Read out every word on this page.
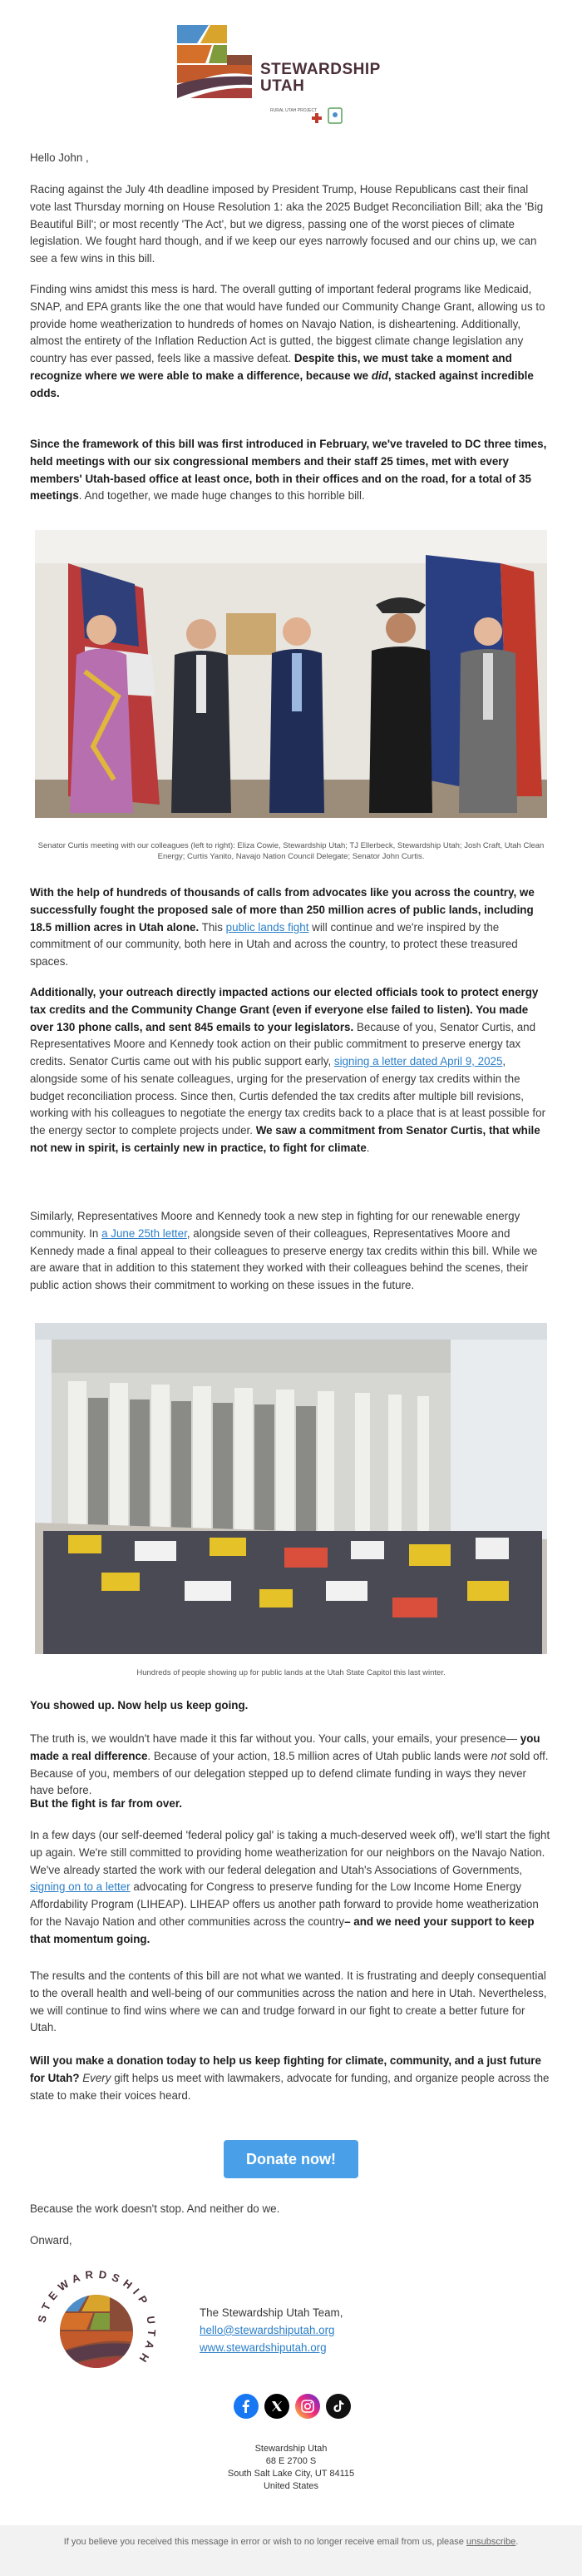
STEWARDSHIP
UTAH
RURAL UTAH PROJECT

Hello John ,

Racing against the July 4th deadline imposed by President Trump, House Republicans cast their final vote last Thursday morning on House Resolution 1: aka the 2025 Budget Reconciliation Bill; aka the 'Big Beautiful Bill'; or most recently 'The Act', but we digress, passing one of the worst pieces of climate legislation. We fought hard though, and if we keep our eyes narrowly focused and our chins up, we can see a few wins in this bill.

Finding wins amidst this mess is hard. The overall gutting of important federal programs like Medicaid, SNAP, and EPA grants like the one that would have funded our Community Change Grant, allowing us to provide home weatherization to hundreds of homes on Navajo Nation, is disheartening. Additionally, almost the entirety of the Inflation Reduction Act is gutted, the biggest climate change legislation any country has ever passed, feels like a massive defeat. Despite this, we must take a moment and recognize where we were able to make a difference, because we did, stacked against incredible odds.

Since the framework of this bill was first introduced in February, we've traveled to DC three times, held meetings with our six congressional members and their staff 25 times, met with every members' Utah-based office at least once, both in their offices and on the road, for a total of 35 meetings. And together, we made huge changes to this horrible bill.

Senator Curtis meeting with our colleagues (left to right): Eliza Cowie, Stewardship Utah; TJ Ellerbeck, Stewardship Utah; Josh Craft, Utah Clean Energy; Curtis Yanito, Navajo Nation Council Delegate; Senator John Curtis.

With the help of hundreds of thousands of calls from advocates like you across the country, we successfully fought the proposed sale of more than 250 million acres of public lands, including 18.5 million acres in Utah alone. This public lands fight will continue and we're inspired by the commitment of our community, both here in Utah and across the country, to protect these treasured spaces.

Additionally, your outreach directly impacted actions our elected officials took to protect energy tax credits and the Community Change Grant (even if everyone else failed to listen). You made over 130 phone calls, and sent 845 emails to your legislators. Because of you, Senator Curtis, and Representatives Moore and Kennedy took action on their public commitment to preserve energy tax credits. Senator Curtis came out with his public support early, signing a letter dated April 9, 2025, alongside some of his senate colleagues, urging for the preservation of energy tax credits within the budget reconciliation process. Since then, Curtis defended the tax credits after multiple bill revisions, working with his colleagues to negotiate the energy tax credits back to a place that is at least possible for the energy sector to complete projects under. We saw a commitment from Senator Curtis, that while not new in spirit, is certainly new in practice, to fight for climate.

Similarly, Representatives Moore and Kennedy took a new step in fighting for our renewable energy community. In a June 25th letter, alongside seven of their colleagues, Representatives Moore and Kennedy made a final appeal to their colleagues to preserve energy tax credits within this bill. While we are aware that in addition to this statement they worked with their colleagues behind the scenes, their public action shows their commitment to working on these issues in the future.

Hundreds of people showing up for public lands at the Utah State Capitol this last winter.

You showed up. Now help us keep going.

The truth is, we wouldn't have made it this far without you. Your calls, your emails, your presence— you made a real difference. Because of your action, 18.5 million acres of Utah public lands were not sold off. Because of you, members of our delegation stepped up to defend climate funding in ways they never have before.

But the fight is far from over.

In a few days (our self-deemed 'federal policy gal' is taking a much-deserved week off), we'll start the fight up again. We're still committed to providing home weatherization for our neighbors on the Navajo Nation. We've already started the work with our federal delegation and Utah's Associations of Governments, signing on to a letter advocating for Congress to preserve funding for the Low Income Home Energy Affordability Program (LIHEAP). LIHEAP offers us another path forward to provide home weatherization for the Navajo Nation and other communities across the country– and we need your support to keep that momentum going.

The results and the contents of this bill are not what we wanted. It is frustrating and deeply consequential to the overall health and well-being of our communities across the nation and here in Utah. Nevertheless, we will continue to find wins where we can and trudge forward in our fight to create a better future for Utah.

Will you make a donation today to help us keep fighting for climate, community, and a just future for Utah? Every gift helps us meet with lawmakers, advocate for funding, and organize people across the state to make their voices heard.

Donate now!

Because the work doesn't stop. And neither do we.

Onward,

STEWARDSHIP UTAH

The Stewardship Utah Team,

hello@stewardshiputah.org

www.stewardshiputah.org

Stewardship Utah
68 E 2700 S
South Salt Lake City, UT 84115
United States
If you believe you received this message in error or wish to no longer receive email from us, please unsubscribe.
